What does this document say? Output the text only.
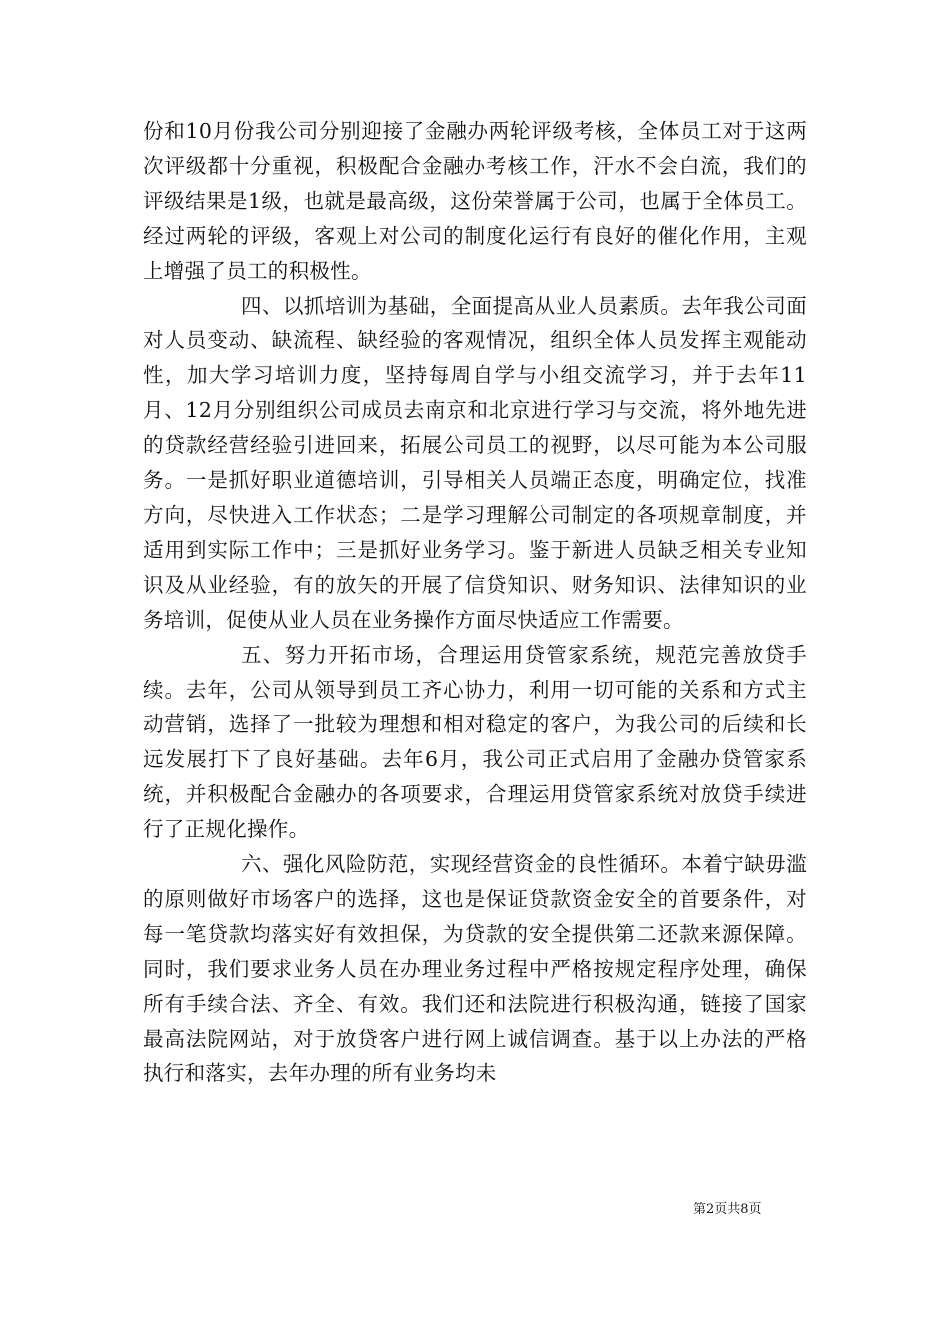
份和10月份我公司分别迎接了金融办两轮评级考核，全体员工对于这两次评级都十分重视，积极配合金融办考核工作，汗水不会白流，我们的评级结果是1级，也就是最高级，这份荣誉属于公司，也属于全体员工。经过两轮的评级，客观上对公司的制度化运行有良好的催化作用，主观上增强了员工的积极性。

四、以抓培训为基础，全面提高从业人员素质。去年我公司面对人员变动、缺流程、缺经验的客观情况，组织全体人员发挥主观能动性，加大学习培训力度，坚持每周自学与小组交流学习，并于去年11月、12月分别组织公司成员去南京和北京进行学习与交流，将外地先进的贷款经营经验引进回来，拓展公司员工的视野，以尽可能为本公司服务。一是抓好职业道德培训，引导相关人员端正态度，明确定位，找准方向，尽快进入工作状态；二是学习理解公司制定的各项规章制度，并适用到实际工作中；三是抓好业务学习。鉴于新进人员缺乏相关专业知识及从业经验，有的放矢的开展了信贷知识、财务知识、法律知识的业务培训，促使从业人员在业务操作方面尽快适应工作需要。

五、努力开拓市场，合理运用贷管家系统，规范完善放贷手续。去年，公司从领导到员工齐心协力，利用一切可能的关系和方式主动营销，选择了一批较为理想和相对稳定的客户，为我公司的后续和长远发展打下了良好基础。去年6月，我公司正式启用了金融办贷管家系统，并积极配合金融办的各项要求，合理运用贷管家系统对放贷手续进行了正规化操作。

六、强化风险防范，实现经营资金的良性循环。本着宁缺毋滥的原则做好市场客户的选择，这也是保证贷款资金安全的首要条件，对每一笔贷款均落实好有效担保，为贷款的安全提供第二还款来源保障。同时，我们要求业务人员在办理业务过程中严格按规定程序处理，确保所有手续合法、齐全、有效。我们还和法院进行积极沟通，链接了国家最高法院网站，对于放贷客户进行网上诚信调查。基于以上办法的严格执行和落实，去年办理的所有业务均未

第2页共8页
